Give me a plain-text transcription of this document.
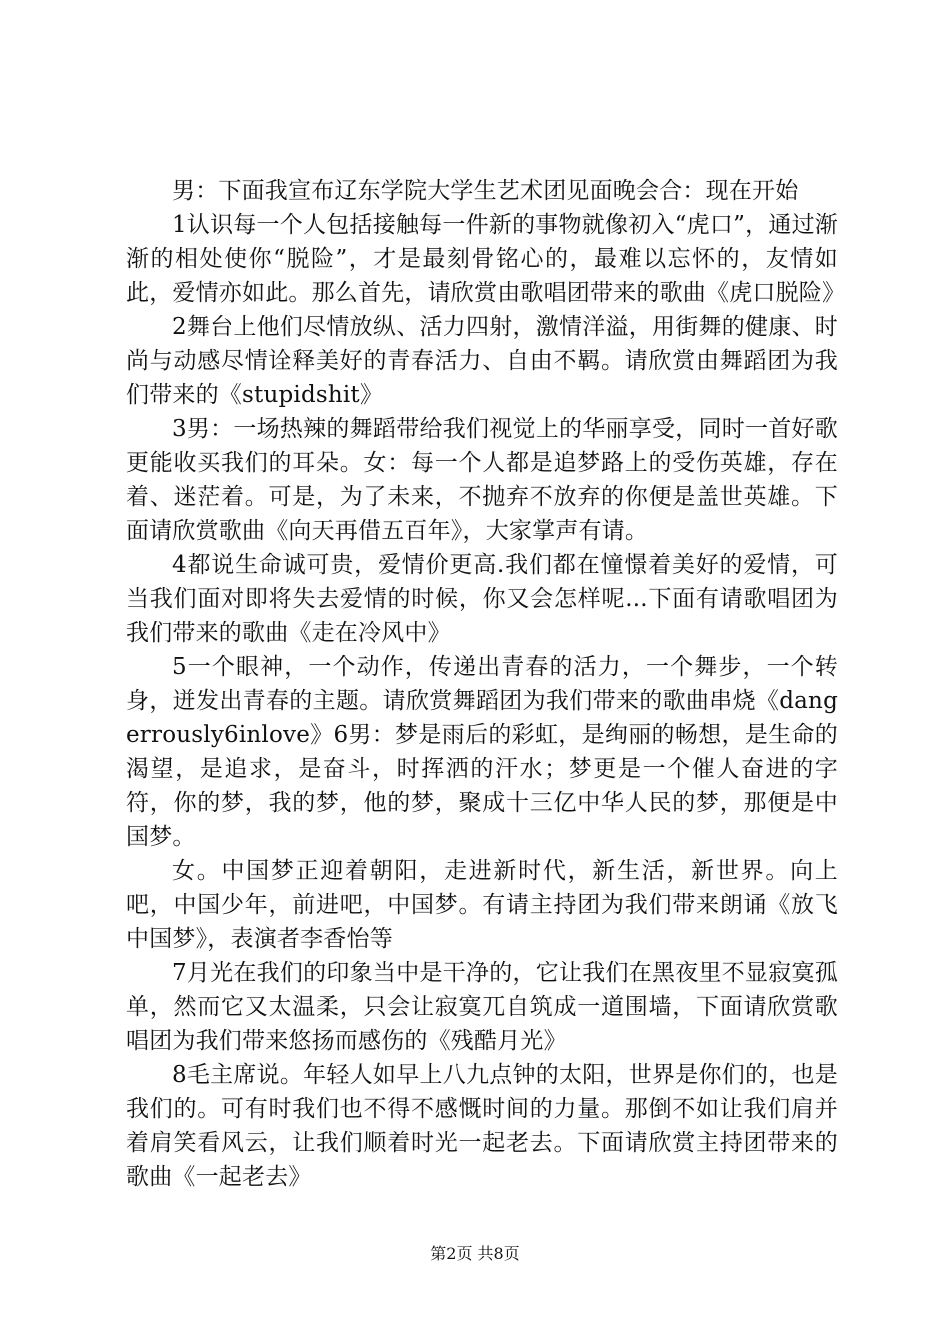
男：下面我宣布辽东学院大学生艺术团见面晚会合：现在开始

1认识每一个人包括接触每一件新的事物就像初入“虎口”，通过渐渐的相处使你“脱险”，才是最刻骨铭心的，最难以忘怀的，友情如此，爱情亦如此。那么首先，请欣赏由歌唱团带来的歌曲《虎口脱险》

2舞台上他们尽情放纵、活力四射，激情洋溢，用街舞的健康、时尚与动感尽情诠释美好的青春活力、自由不羁。请欣赏由舞蹈团为我们带来的《stupidshit》

3男：一场热辣的舞蹈带给我们视觉上的华丽享受，同时一首好歌更能收买我们的耳朵。女：每一个人都是追梦路上的受伤英雄，存在着、迷茫着。可是，为了未来，不抛弃不放弃的你便是盖世英雄。下面请欣赏歌曲《向天再借五百年》，大家掌声有请。

4都说生命诚可贵，爱情价更高.我们都在憧憬着美好的爱情，可当我们面对即将失去爱情的时候，你又会怎样呢...下面有请歌唱团为我们带来的歌曲《走在冷风中》

5一个眼神，一个动作，传递出青春的活力，一个舞步，一个转身，迸发出青春的主题。请欣赏舞蹈团为我们带来的歌曲串烧《dangerrously6inlove》6男：梦是雨后的彩虹，是绚丽的畅想，是生命的渴望，是追求，是奋斗，时挥洒的汗水；梦更是一个催人奋进的字符，你的梦，我的梦，他的梦，聚成十三亿中华人民的梦，那便是中国梦。

女。中国梦正迎着朝阳，走进新时代，新生活，新世界。向上吧，中国少年，前进吧，中国梦。有请主持团为我们带来朗诵《放飞中国梦》，表演者李香怡等

7月光在我们的印象当中是干净的，它让我们在黑夜里不显寂寞孤单，然而它又太温柔，只会让寂寞兀自筑成一道围墙，下面请欣赏歌唱团为我们带来悠扬而感伤的《残酷月光》

8毛主席说。年轻人如早上八九点钟的太阳，世界是你们的，也是我们的。可有时我们也不得不感慨时间的力量。那倒不如让我们肩并着肩笑看风云，让我们顺着时光一起老去。下面请欣赏主持团带来的歌曲《一起老去》

第2页 共8页
